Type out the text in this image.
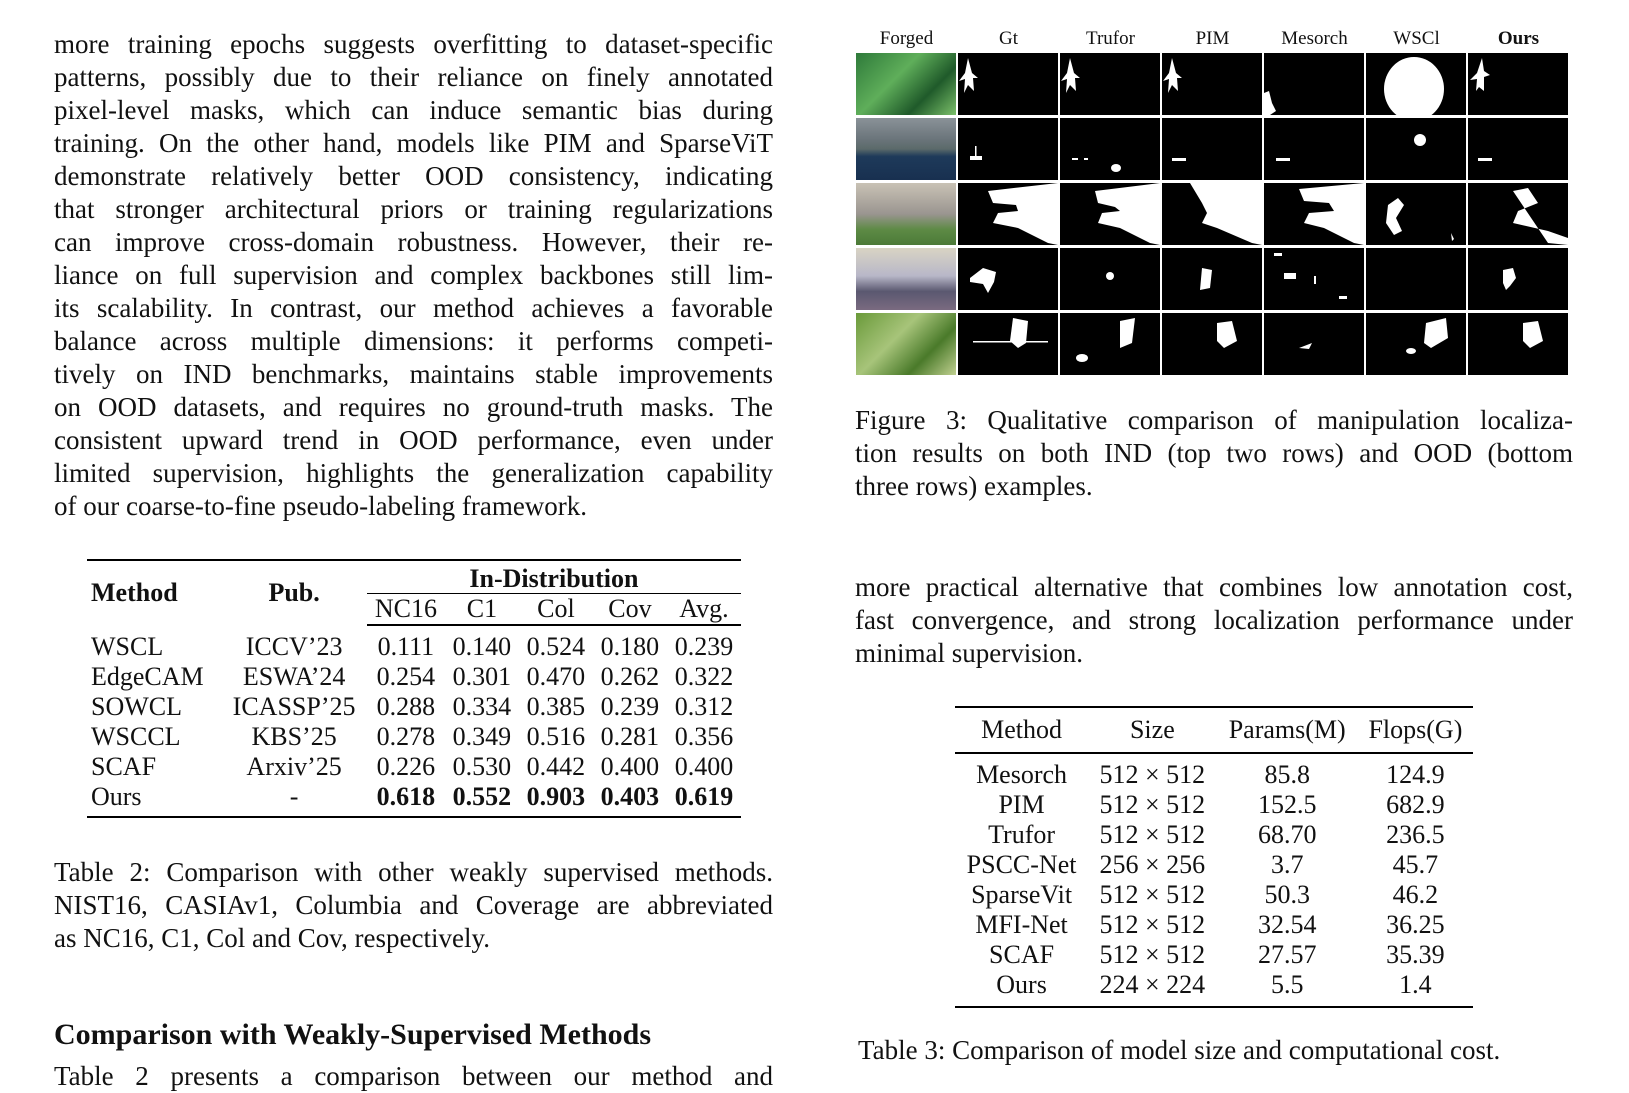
more training epochs suggests overfitting to dataset-specific
patterns, possibly due to their reliance on finely annotated
pixel-level masks, which can induce semantic bias during
training. On the other hand, models like PIM and SparseViT
demonstrate relatively better OOD consistency, indicating
that stronger architectural priors or training regularizations
can improve cross-domain robustness. However, their re-
liance on full supervision and complex backbones still lim-
its scalability. In contrast, our method achieves a favorable
balance across multiple dimensions: it performs competi-
tively on IND benchmarks, maintains stable improvements
on OOD datasets, and requires no ground-truth masks. The
consistent upward trend in OOD performance, even under
limited supervision, highlights the generalization capability
of our coarse-to-fine pseudo-labeling framework.
Forged	Gt	Trufor	PIM	Mesorch	WSCl	Ours
Figure 3: Qualitative comparison of manipulation localiza-
tion results on both IND (top two rows) and OOD (bottom
three rows) examples.
Method	Pub.	In-Distribution				
		NC16	C1	Col	Cov	Avg.
WSCL	ICCV’23	0.111	0.140	0.524	0.180	0.239
EdgeCAM	ESWA’24	0.254	0.301	0.470	0.262	0.322
SOWCL	ICASSP’25	0.288	0.334	0.385	0.239	0.312
WSCCL	KBS’25	0.278	0.349	0.516	0.281	0.356
SCAF	Arxiv’25	0.226	0.530	0.442	0.400	0.400
Ours	-	0.618	0.552	0.903	0.403	0.619
Table 2: Comparison with other weakly supervised methods.
NIST16, CASIAv1, Columbia and Coverage are abbreviated
as NC16, C1, Col and Cov, respectively.
Comparison with Weakly-Supervised Methods
Table 2 presents a comparison between our method and
more practical alternative that combines low annotation cost,
fast convergence, and strong localization performance under
minimal supervision.
Method	Size	Params(M)	Flops(G)
Mesorch	512 × 512	85.8	124.9
PIM	512 × 512	152.5	682.9
Trufor	512 × 512	68.70	236.5
PSCC-Net	256 × 256	3.7	45.7
SparseVit	512 × 512	50.3	46.2
MFI-Net	512 × 512	32.54	36.25
SCAF	512 × 512	27.57	35.39
Ours	224 × 224	5.5	1.4
Table 3: Comparison of model size and computational cost.
